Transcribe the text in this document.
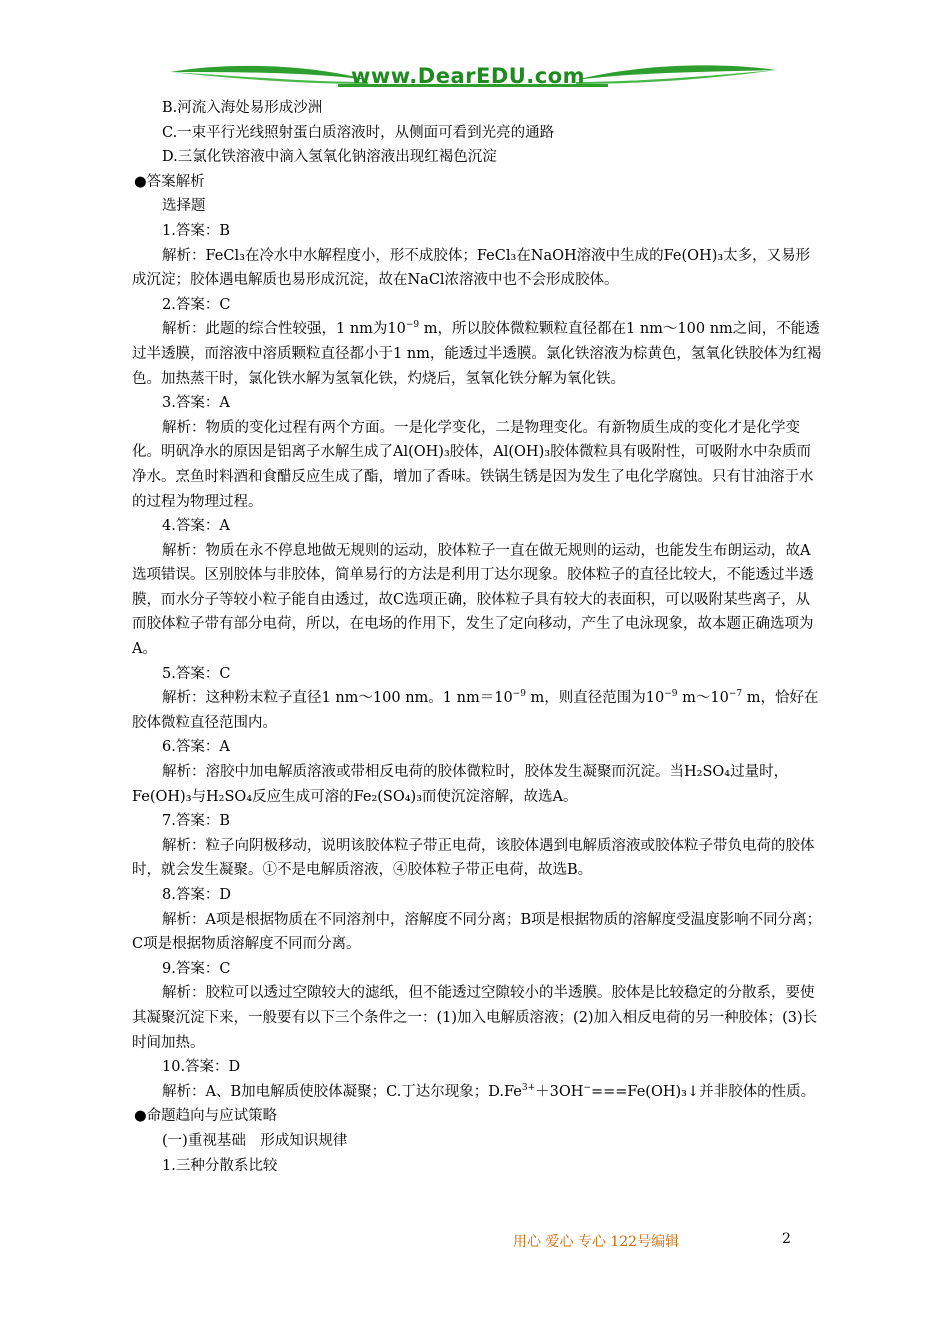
www.DearEDU.com

B.河流入海处易形成沙洲

C.一束平行光线照射蛋白质溶液时，从侧面可看到光亮的通路

D.三氯化铁溶液中滴入氢氧化钠溶液出现红褐色沉淀

●答案解析

选择题

1.答案：B

解析：FeCl₃在冷水中水解程度小，形不成胶体；FeCl₃在NaOH溶液中生成的Fe(OH)₃太多，又易形成沉淀；胶体遇电解质也易形成沉淀，故在NaCl浓溶液中也不会形成胶体。

2.答案：C

解析：此题的综合性较强，1 nm为$10^{-9}$ m，所以胶体微粒颗粒直径都在1 nm～100 nm之间，不能透过半透膜，而溶液中溶质颗粒直径都小于1 nm，能透过半透膜。氯化铁溶液为棕黄色，氢氧化铁胶体为红褐色。加热蒸干时，氯化铁水解为氢氧化铁，灼烧后，氢氧化铁分解为氧化铁。

3.答案：A

解析：物质的变化过程有两个方面。一是化学变化，二是物理变化。有新物质生成的变化才是化学变化。明矾净水的原因是铝离子水解生成了Al(OH)₃胶体，Al(OH)₃胶体微粒具有吸附性，可吸附水中杂质而净水。烹鱼时料酒和食醋反应生成了酯，增加了香味。铁锅生锈是因为发生了电化学腐蚀。只有甘油溶于水的过程为物理过程。

4.答案：A

解析：物质在永不停息地做无规则的运动，胶体粒子一直在做无规则的运动，也能发生布朗运动，故A选项错误。区别胶体与非胶体，简单易行的方法是利用丁达尔现象。胶体粒子的直径比较大，不能透过半透膜，而水分子等较小粒子能自由透过，故C选项正确，胶体粒子具有较大的表面积，可以吸附某些离子，从而胶体粒子带有部分电荷，所以，在电场的作用下，发生了定向移动，产生了电泳现象，故本题正确选项为A。

5.答案：C

解析：这种粉末粒子直径1 nm～100 nm。1 $nm=10^{-9}$ m，则直径范围为$10^{-9}$ $m\sim 10^{-7}$ m，恰好在胶体微粒直径范围内。

6.答案：A

解析：溶胶中加电解质溶液或带相反电荷的胶体微粒时，胶体发生凝聚而沉淀。当H₂SO₄过量时，Fe(OH)₃与H₂SO₄反应生成可溶的Fe₂(SO₄)₃而使沉淀溶解，故选A。

7.答案：B

解析：粒子向阴极移动，说明该胶体粒子带正电荷，该胶体遇到电解质溶液或胶体粒子带负电荷的胶体时，就会发生凝聚。①不是电解质溶液，④胶体粒子带正电荷，故选B。

8.答案：D

解析：A项是根据物质在不同溶剂中，溶解度不同分离；B项是根据物质的溶解度受温度影响不同分离；C项是根据物质溶解度不同而分离。

9.答案：C

解析：胶粒可以透过空隙较大的滤纸，但不能透过空隙较小的半透膜。胶体是比较稳定的分散系，要使其凝聚沉淀下来，一般要有以下三个条件之一：(1)加入电解质溶液；(2)加入相反电荷的另一种胶体；(3)长时间加热。

10.答案：D

解析：A、B加电解质使胶体凝聚；C.丁达尔现象；$D.Fe^{3+}+3OH^-===Fe(OH)_3↓$并非胶体的性质。

●命题趋向与应试策略

(一)重视基础　形成知识规律

1.三种分散系比较

用心 爱心 专心 122号编辑	2
